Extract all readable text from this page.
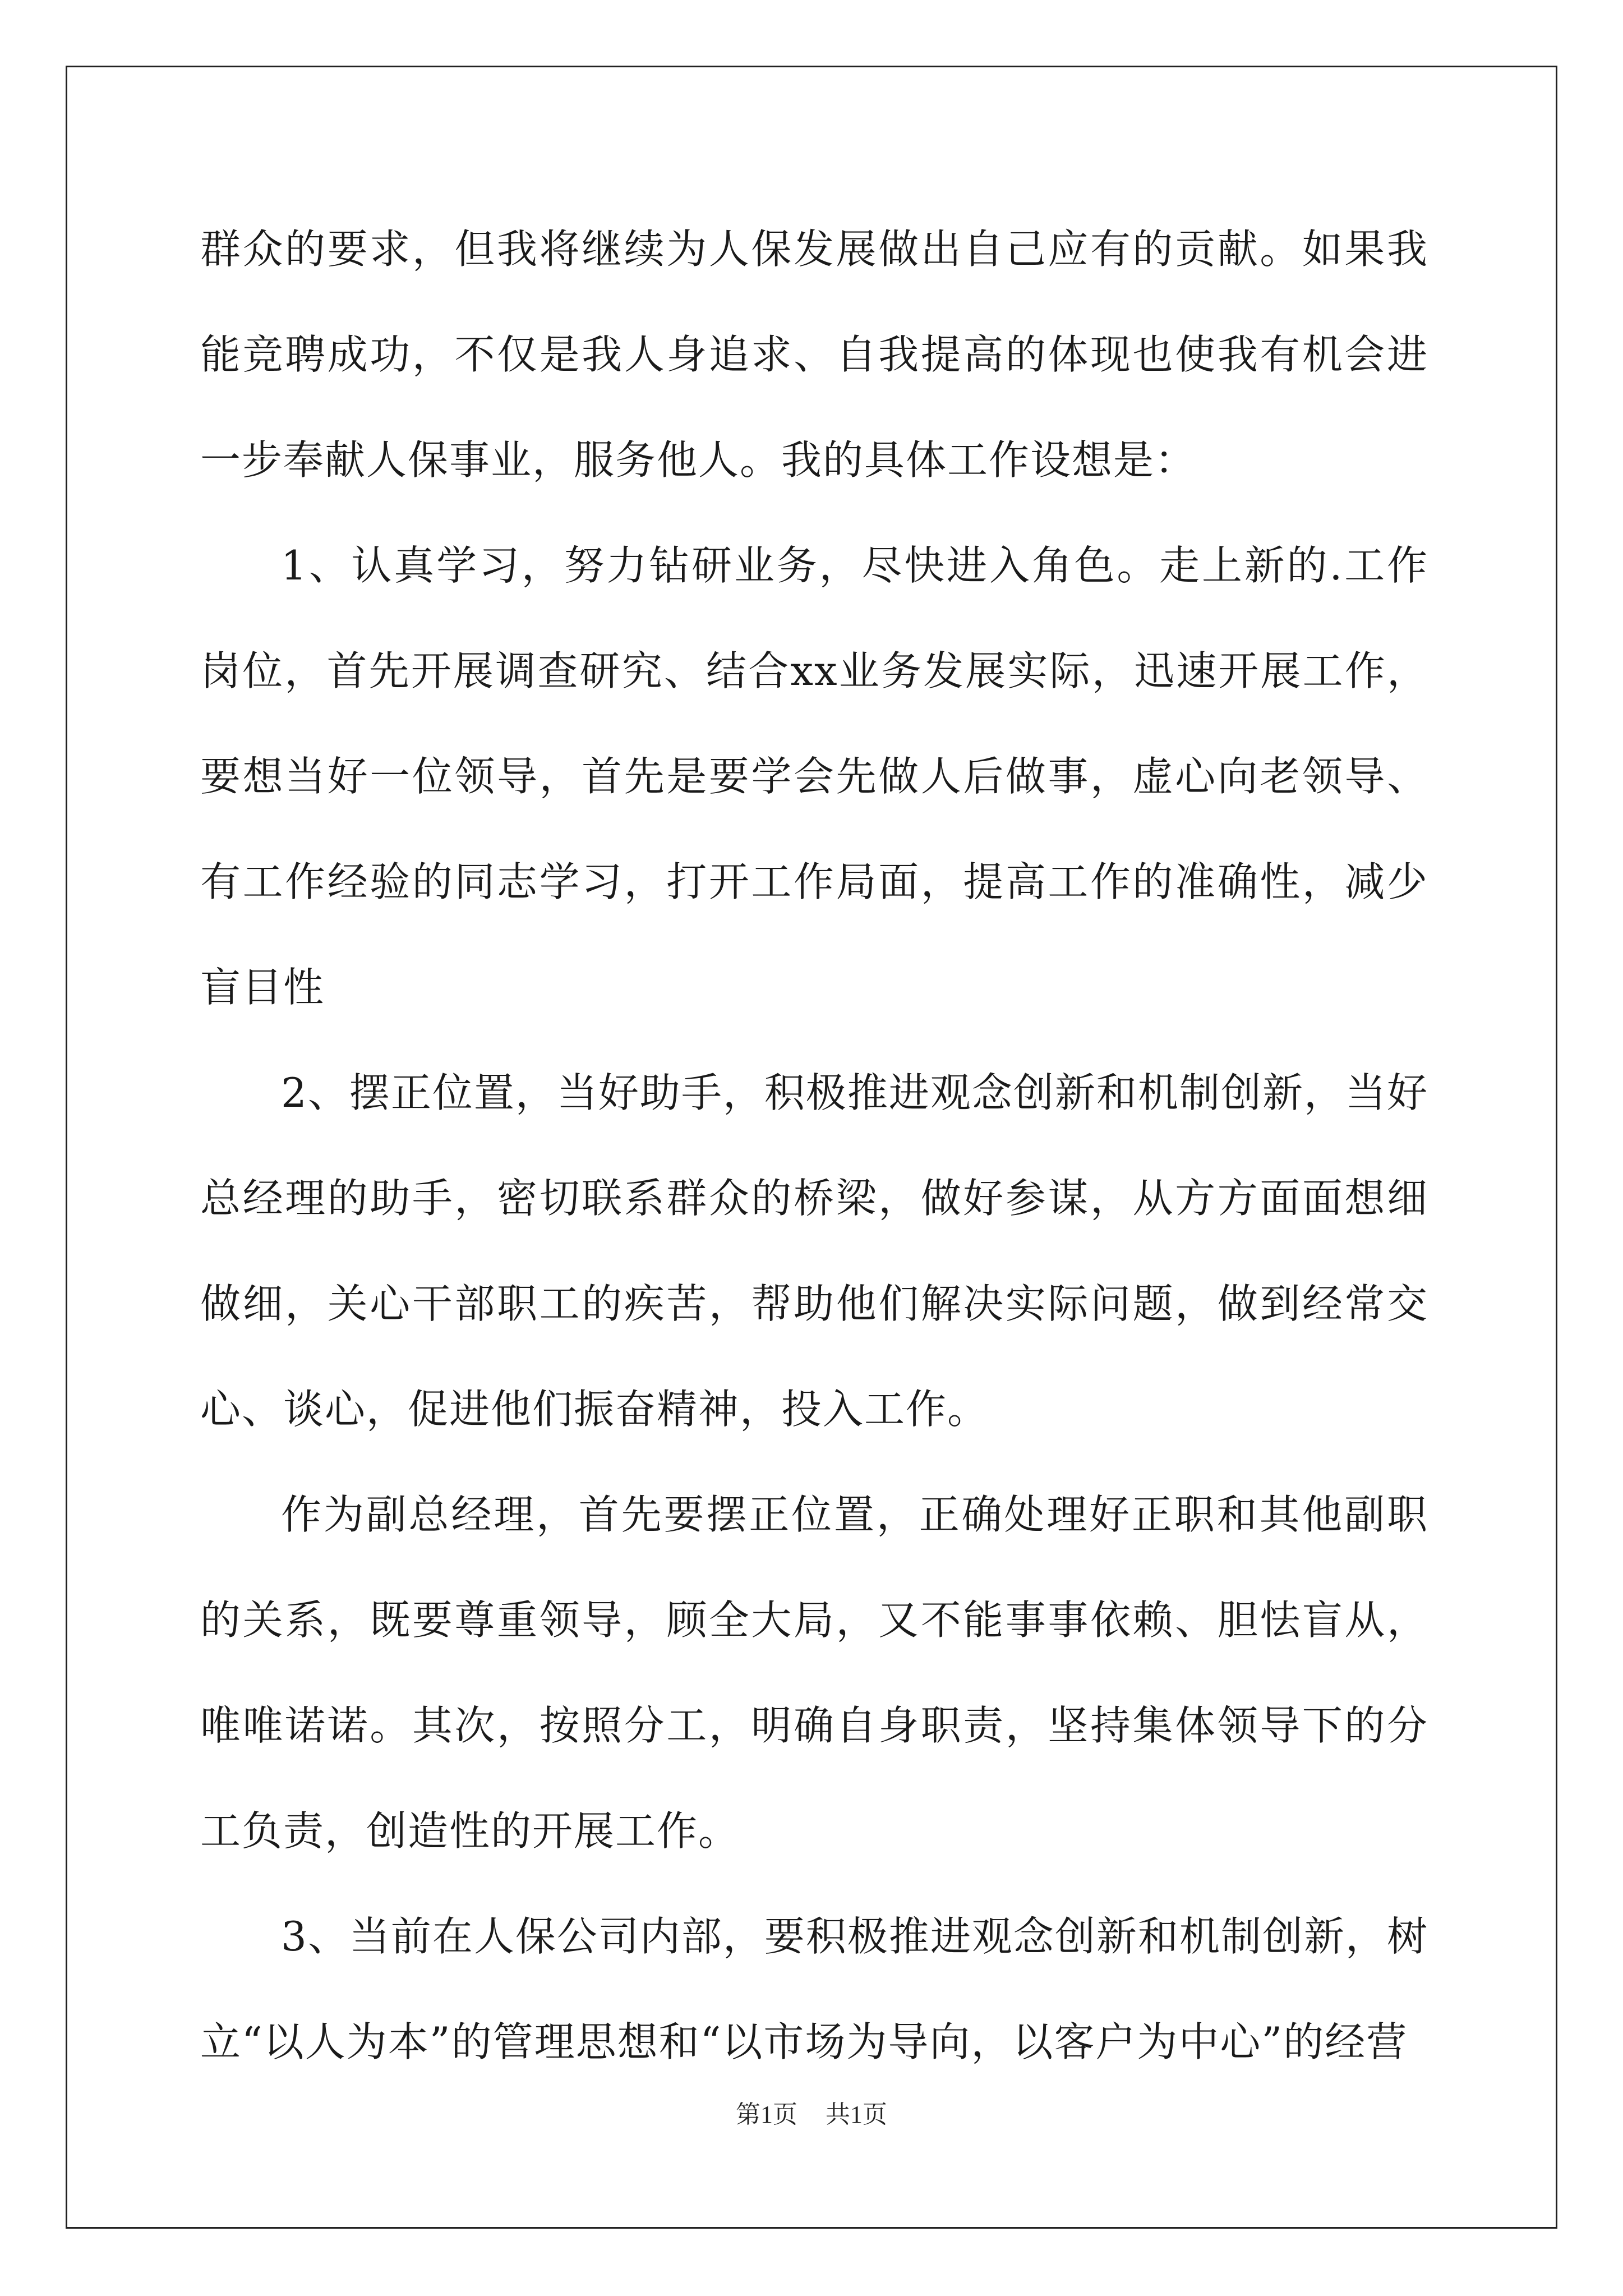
群众的要求，但我将继续为人保发展做出自己应有的贡献。如果我能竞聘成功，不仅是我人身追求、自我提高的体现也使我有机会进一步奉献人保事业，服务他人。我的具体工作设想是：

1、认真学习，努力钻研业务，尽快进入角色。走上新的.工作岗位，首先开展调查研究、结合xx业务发展实际，迅速开展工作，要想当好一位领导，首先是要学会先做人后做事，虚心向老领导、有工作经验的同志学习，打开工作局面，提高工作的准确性，减少盲目性

2、摆正位置，当好助手，积极推进观念创新和机制创新，当好总经理的助手，密切联系群众的桥梁，做好参谋，从方方面面想细做细，关心干部职工的疾苦，帮助他们解决实际问题，做到经常交心、谈心，促进他们振奋精神，投入工作。

作为副总经理，首先要摆正位置，正确处理好正职和其他副职的关系，既要尊重领导，顾全大局，又不能事事依赖、胆怯盲从，唯唯诺诺。其次，按照分工，明确自身职责，坚持集体领导下的分工负责，创造性的开展工作。

3、当前在人保公司内部，要积极推进观念创新和机制创新，树立“以人为本”的管理思想和“以市场为导向，以客户为中心”的经营

第1页 共1页
